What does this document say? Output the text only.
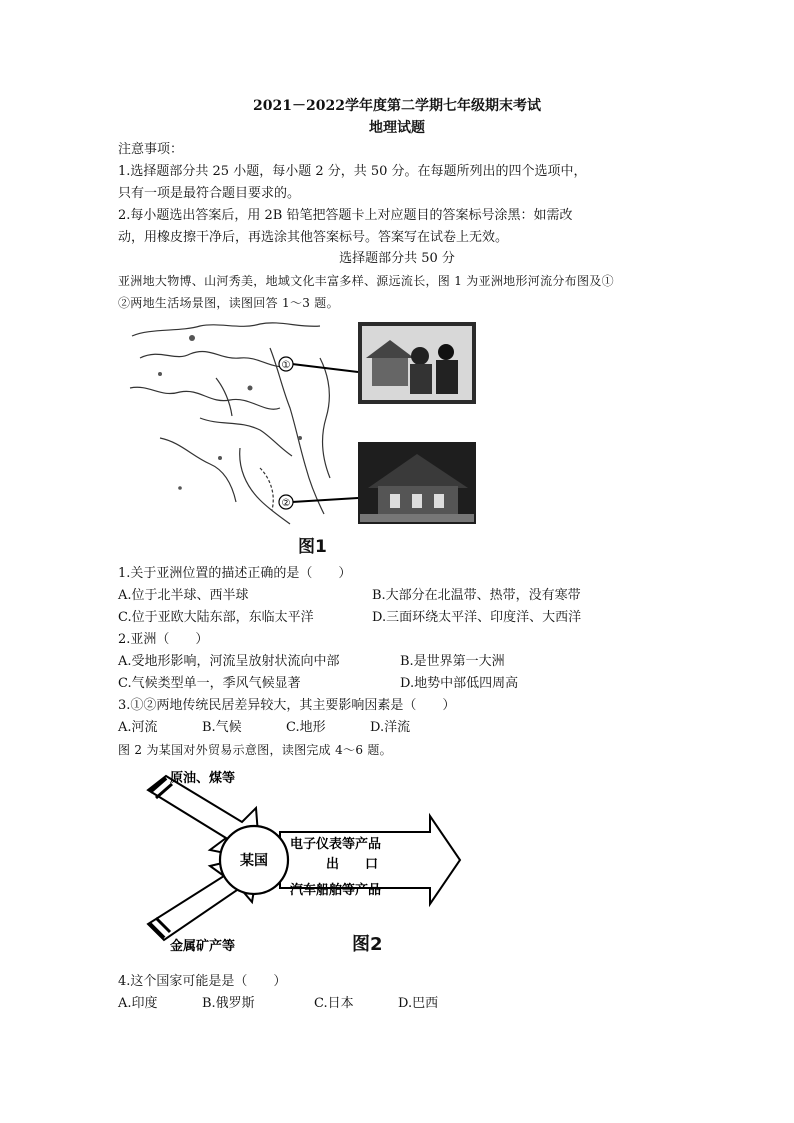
2021－2022学年度第二学期七年级期末考试
地理试题
注意事项：
1.选择题部分共 25 小题，每小题 2 分，共 50 分。在每题所列出的四个选项中，
只有一项是最符合题目要求的。
2.每小题选出答案后，用 2B 铅笔把答题卡上对应题目的答案标号涂黑：如需改
动，用橡皮擦干净后，再选涂其他答案标号。答案写在试卷上无效。
选择题部分共 50 分
亚洲地大物博、山河秀美，地域文化丰富多样、源远流长，图 1 为亚洲地形河流分布图及①
②两地生活场景图，读图回答 1～3 题。
①
②
图1
1.关于亚洲位置的描述正确的是（　　）
A.位于北半球、西半球	B.大部分在北温带、热带，没有寒带
C.位于亚欧大陆东部，东临太平洋	D.三面环绕太平洋、印度洋、大西洋
2.亚洲（　　）
A.受地形影响，河流呈放射状流向中部	B.是世界第一大洲
C.气候类型单一，季风气候显著	D.地势中部低四周高
3.①②两地传统民居差异较大，其主要影响因素是（　　）
A.河流	B.气候	C.地形	D.洋流
图 2 为某国对外贸易示意图，读图完成 4～6 题。
某国
电子仪表等产品
出　　口
汽车船舶等产品
原油、煤等
金属矿产等	图2
4.这个国家可能是是（　　）
A.印度	B.俄罗斯	C.日本	D.巴西
